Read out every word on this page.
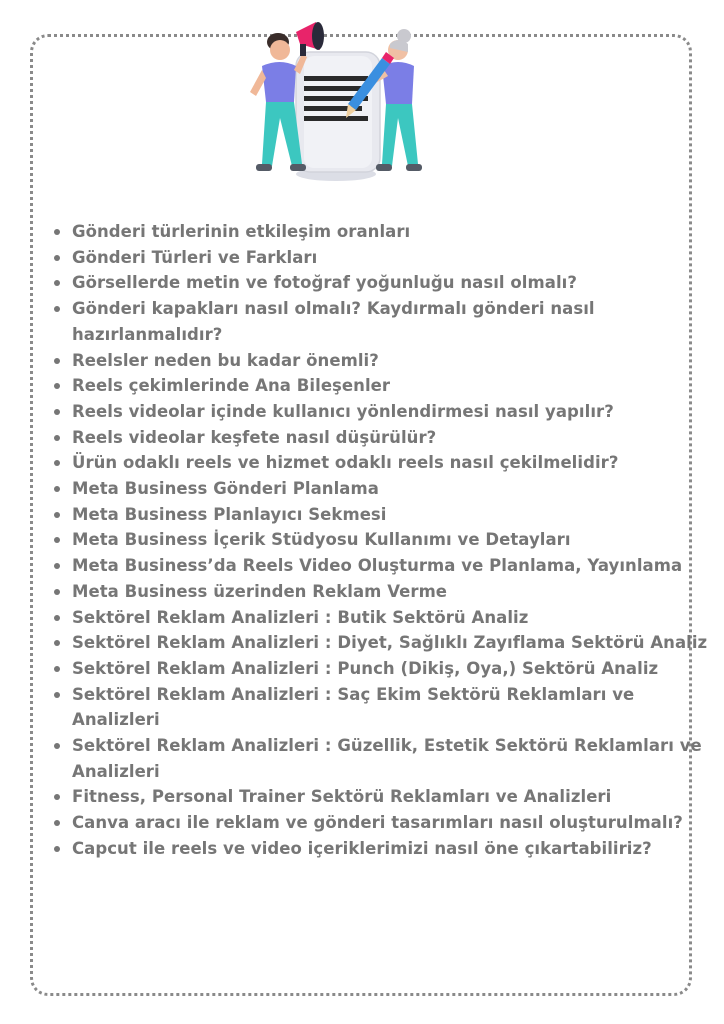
Gönderi türlerinin etkileşim oranları
Gönderi Türleri ve Farkları
Görsellerde metin ve fotoğraf yoğunluğu nasıl olmalı?
Gönderi kapakları nasıl olmalı? Kaydırmalı gönderi nasıl hazırlanmalıdır?
Reelsler neden bu kadar önemli?
Reels çekimlerinde Ana Bileşenler
Reels videolar içinde kullanıcı yönlendirmesi nasıl yapılır?
Reels videolar keşfete nasıl düşürülür?
Ürün odaklı reels ve hizmet odaklı reels nasıl çekilmelidir?
Meta Business Gönderi Planlama
Meta Business Planlayıcı Sekmesi
Meta Business İçerik Stüdyosu Kullanımı ve Detayları
Meta Business’da Reels Video Oluşturma ve Planlama, Yayınlama
Meta Business üzerinden Reklam Verme
Sektörel Reklam Analizleri : Butik Sektörü Analiz
Sektörel Reklam Analizleri : Diyet, Sağlıklı Zayıflama Sektörü Analiz
Sektörel Reklam Analizleri : Punch (Dikiş, Oya,) Sektörü Analiz
Sektörel Reklam Analizleri : Saç Ekim Sektörü Reklamları ve Analizleri
Sektörel Reklam Analizleri : Güzellik, Estetik Sektörü Reklamları ve Analizleri
Fitness, Personal Trainer Sektörü Reklamları ve Analizleri
Canva aracı ile reklam ve gönderi tasarımları nasıl oluşturulmalı?
Capcut ile reels ve video içeriklerimizi nasıl öne çıkartabiliriz?
